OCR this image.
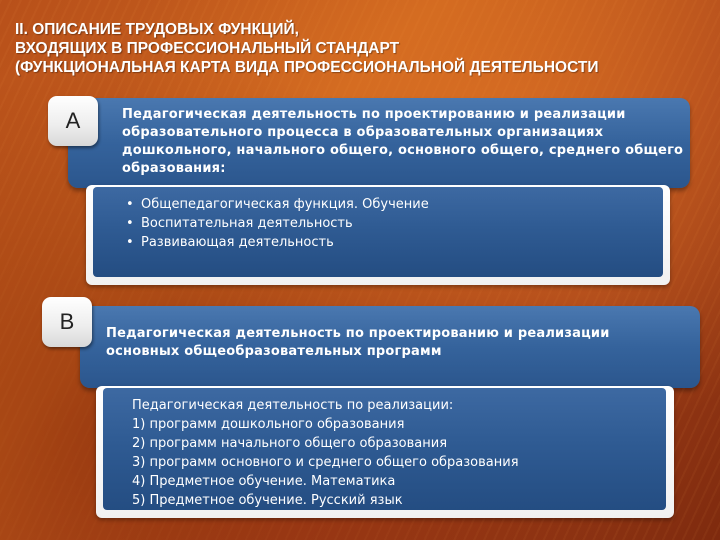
II. ОПИСАНИЕ ТРУДОВЫХ ФУНКЦИЙ,
ВХОДЯЩИХ В ПРОФЕССИОНАЛЬНЫЙ СТАНДАРТ
(ФУНКЦИОНАЛЬНАЯ КАРТА ВИДА ПРОФЕССИОНАЛЬНОЙ ДЕЯТЕЛЬНОСТИ
Педагогическая деятельность по проектированию и реализации
образовательного процесса в образовательных организациях
дошкольного, начального общего, основного общего, среднего общего
образования:
A
• Общепедагогическая функция. Обучение
• Воспитательная деятельность
• Развивающая деятельность
Педагогическая деятельность по проектированию и реализации
основных общеобразовательных программ
B
Педагогическая деятельность по реализации:
1) программ дошкольного образования
2) программ начального общего образования
3) программ основного и среднего общего образования
4) Предметное обучение. Математика
5) Предметное обучение. Русский язык
